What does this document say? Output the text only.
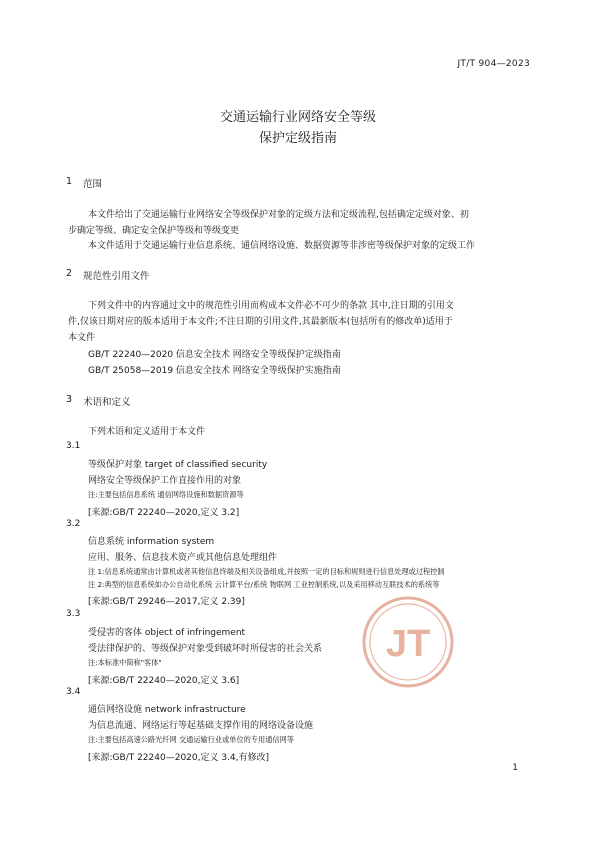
JT/T 904—2023
交通运输行业网络安全等级
保护定级指南
1 范围
本文件给出了交通运输行业网络安全等级保护对象的定级方法和定级流程,包括确定定级对象、初
步确定等级、确定安全保护等级和等级变更
本文件适用于交通运输行业信息系统、通信网络设施、数据资源等非涉密等级保护对象的定级工作
2 规范性引用文件
下列文件中的内容通过文中的规范性引用而构成本文件必不可少的条款 其中,注日期的引用文
件,仅该日期对应的版本适用于本文件;不注日期的引用文件,其最新版本(包括所有的修改单)适用于
本文件
GB/T 22240—2020 信息安全技术 网络安全等级保护定级指南
GB/T 25058—2019 信息安全技术 网络安全等级保护实施指南
3 术语和定义
下列术语和定义适用于本文件
3.1
等级保护对象 target of classified security
网络安全等级保护工作直接作用的对象
注:主要包括信息系统 通信网络设施和数据资源等
[来源:GB/T 22240—2020,定义 3.2]
3.2
信息系统 information system
应用、服务、信息技术资产或其他信息处理组件
注 1:信息系统通常由计算机或者其他信息终端及相关设备组成,并按照一定的目标和规则进行信息处理或过程控制
注 2:典型的信息系统如办公自动化系统 云计算平台/系统 物联网 工业控制系统,以及采用移动互联技术的系统等
[来源:GB/T 29246—2017,定义 2.39]
3.3
受侵害的客体 object of infringement
受法律保护的、等级保护对象受到破坏时所侵害的社会关系
注:本标准中简称"客体"
[来源:GB/T 22240—2020,定义 3.6]
3.4
通信网络设施 network infrastructure
为信息流通、网络运行等起基础支撑作用的网络设备设施
注:主要包括高速公路光纤网 交通运输行业或单位的专用通信网等
[来源:GB/T 22240—2020,定义 3.4,有修改]
JT
1
